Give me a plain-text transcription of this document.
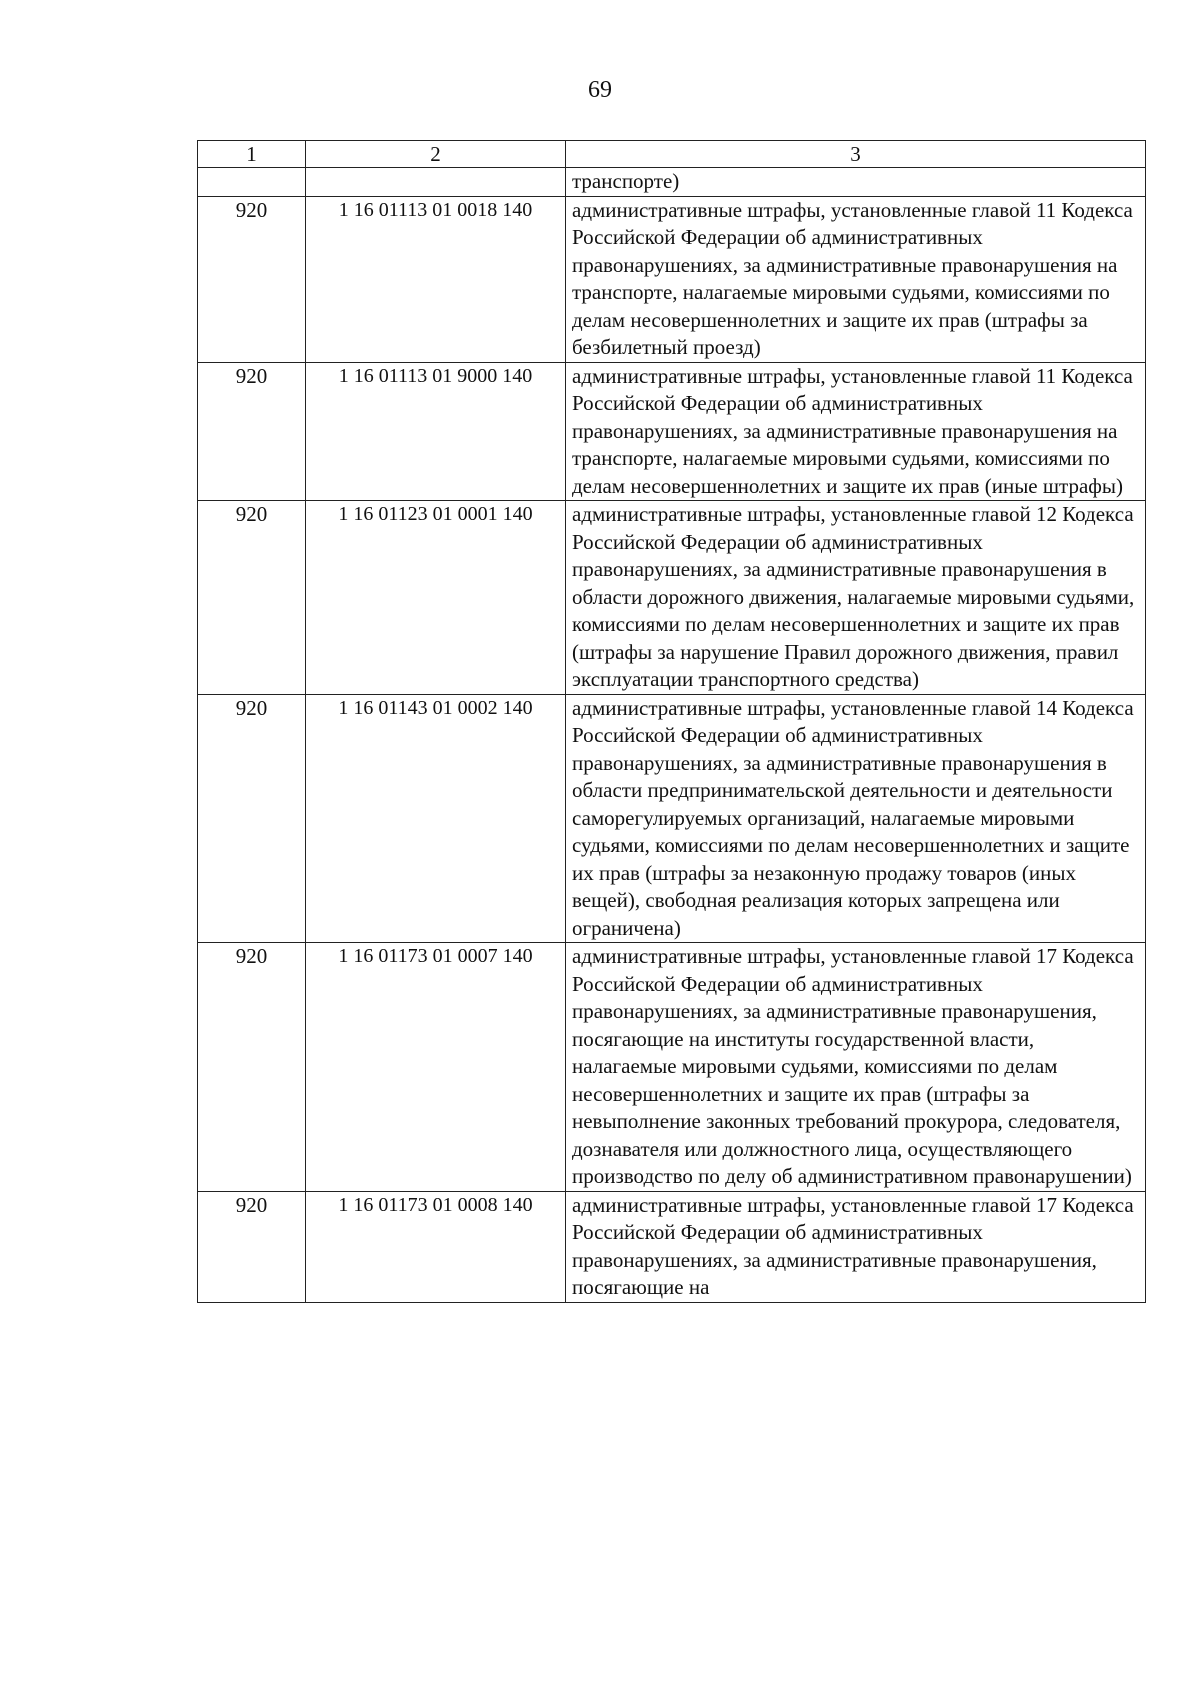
69
1	2	3
		транспорте)
920	1 16 01113 01 0018 140	административные штрафы, установленные главой 11 Кодекса Российской Федерации об административных правонарушениях, за административные правонарушения на транспорте, налагаемые мировыми судьями, комиссиями по делам несовершеннолетних и защите их прав (штрафы за безбилетный проезд)
920	1 16 01113 01 9000 140	административные штрафы, установленные главой 11 Кодекса Российской Федерации об административных правонарушениях, за административные правонарушения на транспорте, налагаемые мировыми судьями, комиссиями по делам несовершеннолетних и защите их прав (иные штрафы)
920	1 16 01123 01 0001 140	административные штрафы, установленные главой 12 Кодекса Российской Федерации об административных правонарушениях, за административные правонарушения в области дорожного движения, налагаемые мировыми судьями, комиссиями по делам несовершеннолетних и защите их прав (штрафы за нарушение Правил дорожного движения, правил эксплуатации транспортного средства)
920	1 16 01143 01 0002 140	административные штрафы, установленные главой 14 Кодекса Российской Федерации об административных правонарушениях, за административные правонарушения в области предпринимательской деятельности и деятельности саморегулируемых организаций, налагаемые мировыми судьями, комиссиями по делам несовершеннолетних и защите их прав (штрафы за незаконную продажу товаров (иных вещей), свободная реализация которых запрещена или ограничена)
920	1 16 01173 01 0007 140	административные штрафы, установленные главой 17 Кодекса Российской Федерации об административных правонарушениях, за административные правонарушения, посягающие на институты государственной власти, налагаемые мировыми судьями, комиссиями по делам несовершеннолетних и защите их прав (штрафы за невыполнение законных требований прокурора, следователя, дознавателя или должностного лица, осуществляющего производство по делу об административном правонарушении)
920	1 16 01173 01 0008 140	административные штрафы, установленные главой 17 Кодекса Российской Федерации об административных правонарушениях, за административные правонарушения, посягающие на
